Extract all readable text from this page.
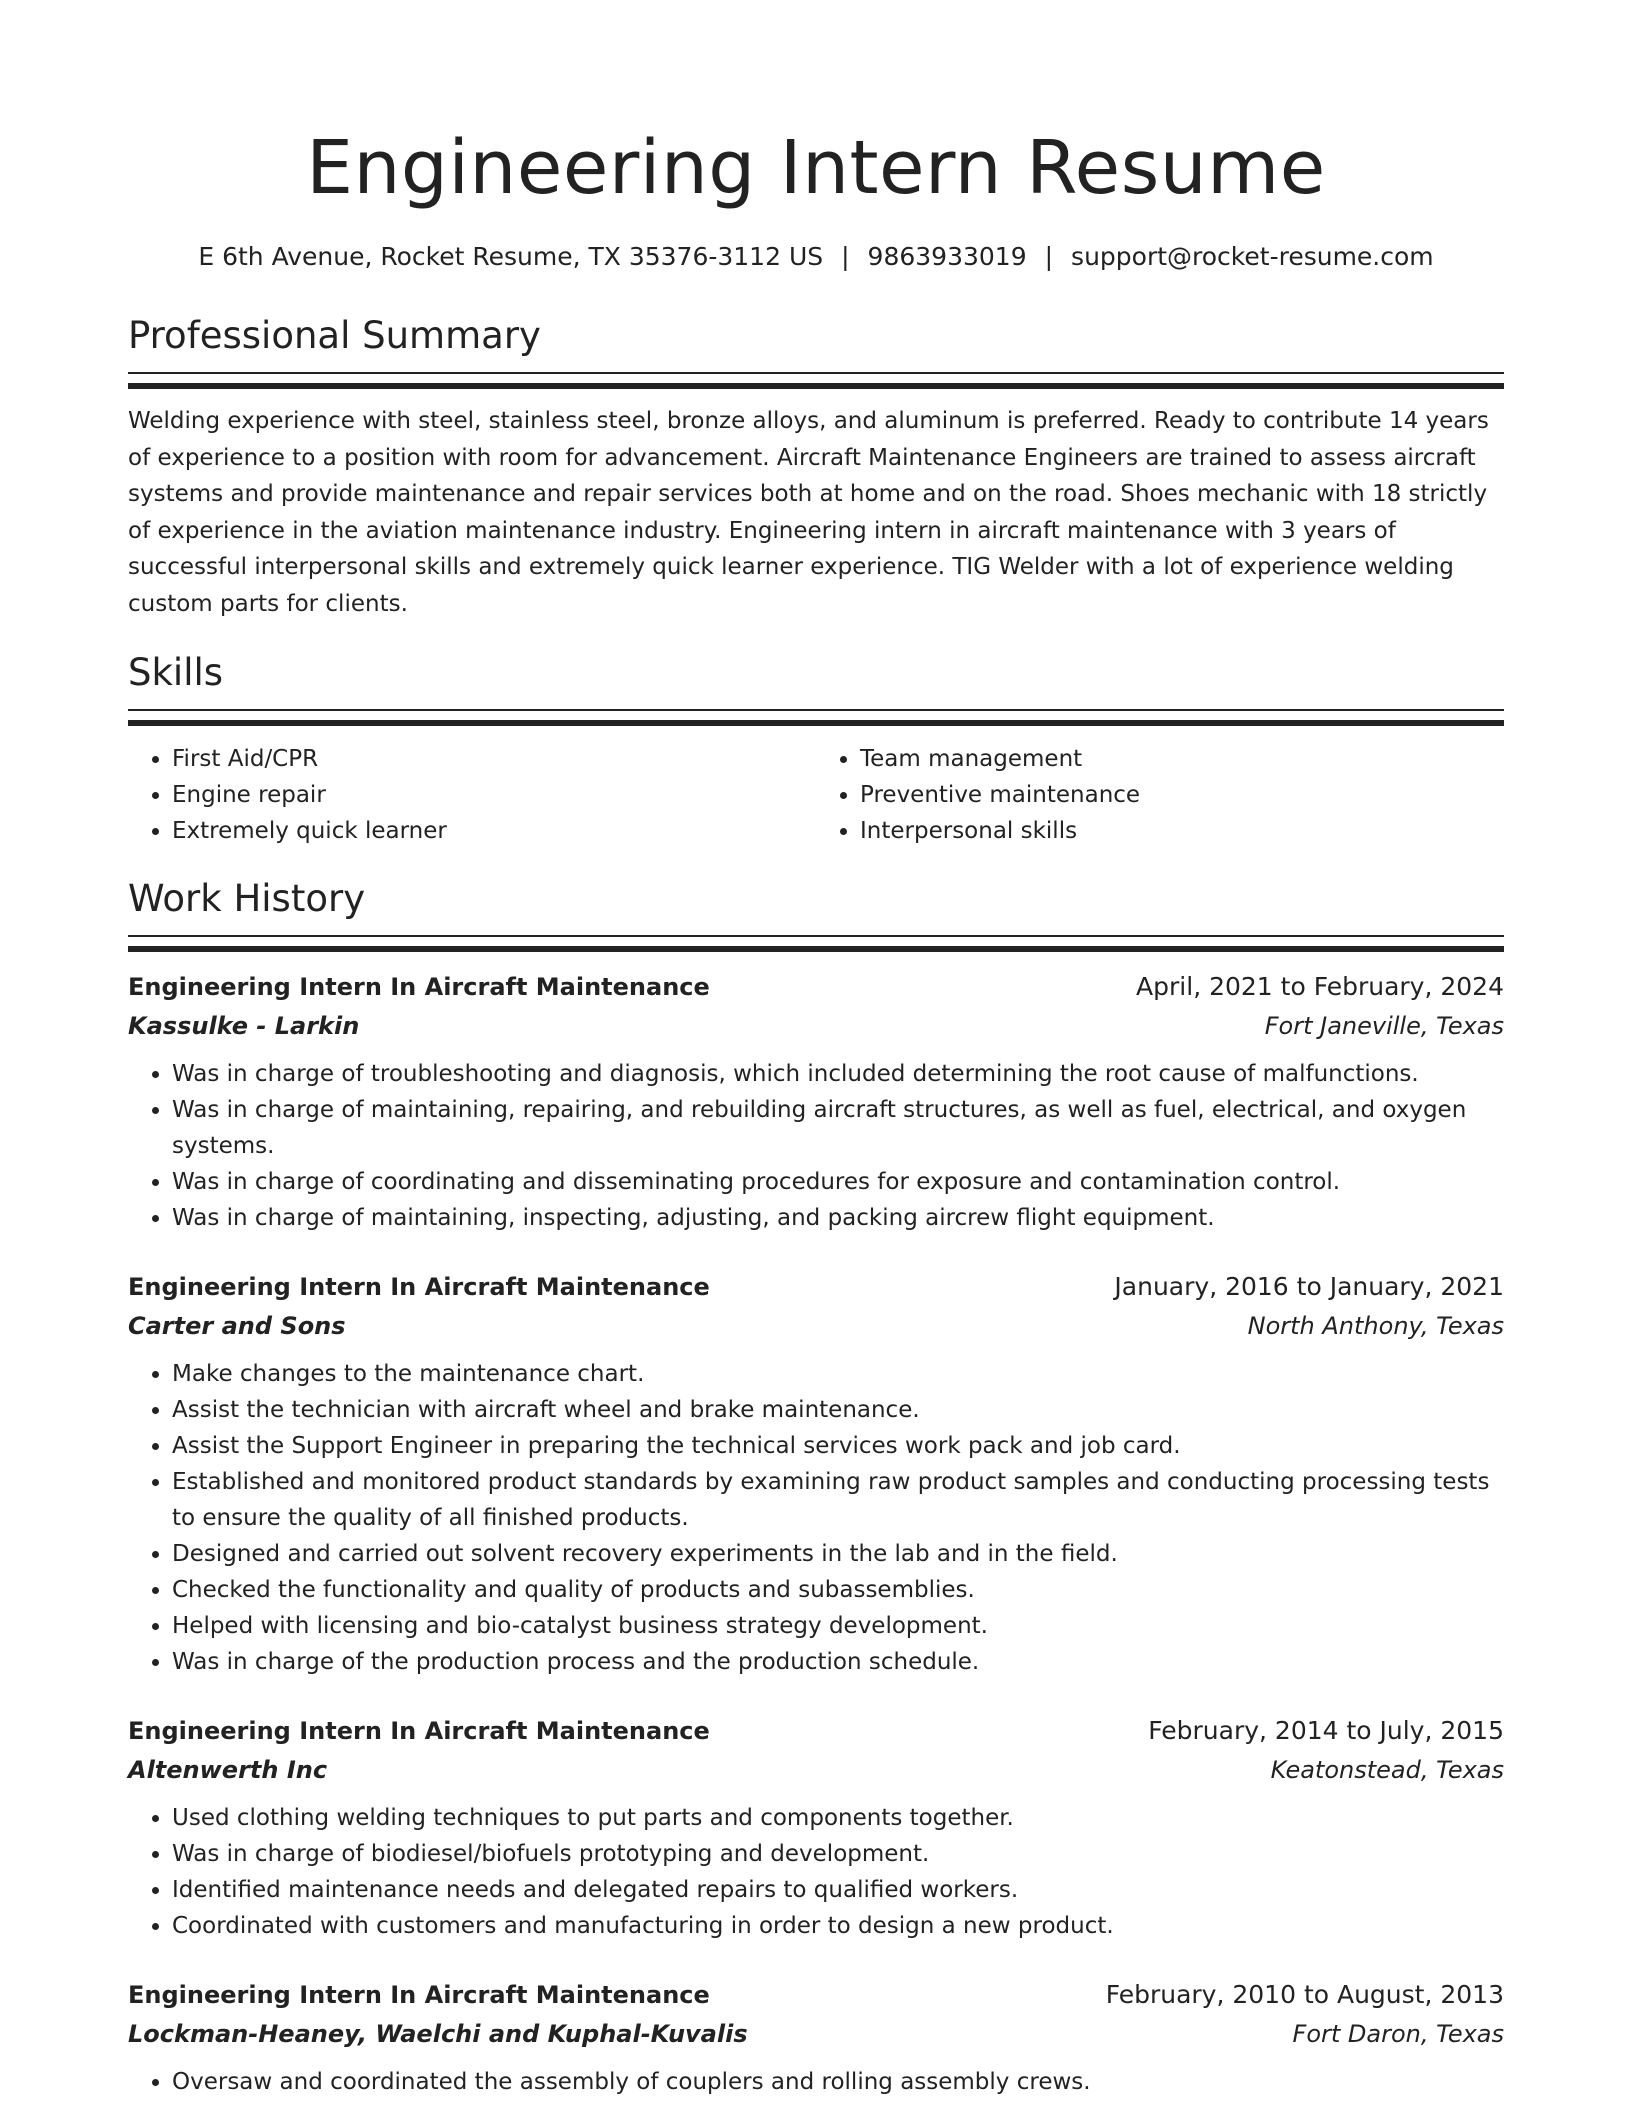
Engineering Intern Resume
E 6th Avenue, Rocket Resume, TX 35376-3112 US | 9863933019 | support@rocket-resume.com
Professional Summary

Welding experience with steel, stainless steel, bronze alloys, and aluminum is preferred. Ready to contribute 14 years of experience to a position with room for advancement. Aircraft Maintenance Engineers are trained to assess aircraft systems and provide maintenance and repair services both at home and on the road. Shoes mechanic with 18 strictly of experience in the aviation maintenance industry. Engineering intern in aircraft maintenance with 3 years of successful interpersonal skills and extremely quick learner experience. TIG Welder with a lot of experience welding custom parts for clients.

Skills
• First Aid/CPR
• Engine repair
• Extremely quick learner
• Team management
• Preventive maintenance
• Interpersonal skills
Work History
Engineering Intern In Aircraft Maintenance	April, 2021 to February, 2024
Kassulke - Larkin	Fort Janeville, Texas
• Was in charge of troubleshooting and diagnosis, which included determining the root cause of malfunctions.
• Was in charge of maintaining, repairing, and rebuilding aircraft structures, as well as fuel, electrical, and oxygen systems.
• Was in charge of coordinating and disseminating procedures for exposure and contamination control.
• Was in charge of maintaining, inspecting, adjusting, and packing aircrew flight equipment.
Engineering Intern In Aircraft Maintenance	January, 2016 to January, 2021
Carter and Sons	North Anthony, Texas
• Make changes to the maintenance chart.
• Assist the technician with aircraft wheel and brake maintenance.
• Assist the Support Engineer in preparing the technical services work pack and job card.
• Established and monitored product standards by examining raw product samples and conducting processing tests to ensure the quality of all finished products.
• Designed and carried out solvent recovery experiments in the lab and in the field.
• Checked the functionality and quality of products and subassemblies.
• Helped with licensing and bio-catalyst business strategy development.
• Was in charge of the production process and the production schedule.
Engineering Intern In Aircraft Maintenance	February, 2014 to July, 2015
Altenwerth Inc	Keatonstead, Texas
• Used clothing welding techniques to put parts and components together.
• Was in charge of biodiesel/biofuels prototyping and development.
• Identified maintenance needs and delegated repairs to qualified workers.
• Coordinated with customers and manufacturing in order to design a new product.
Engineering Intern In Aircraft Maintenance	February, 2010 to August, 2013
Lockman-Heaney, Waelchi and Kuphal-Kuvalis	Fort Daron, Texas
• Oversaw and coordinated the assembly of couplers and rolling assembly crews.
